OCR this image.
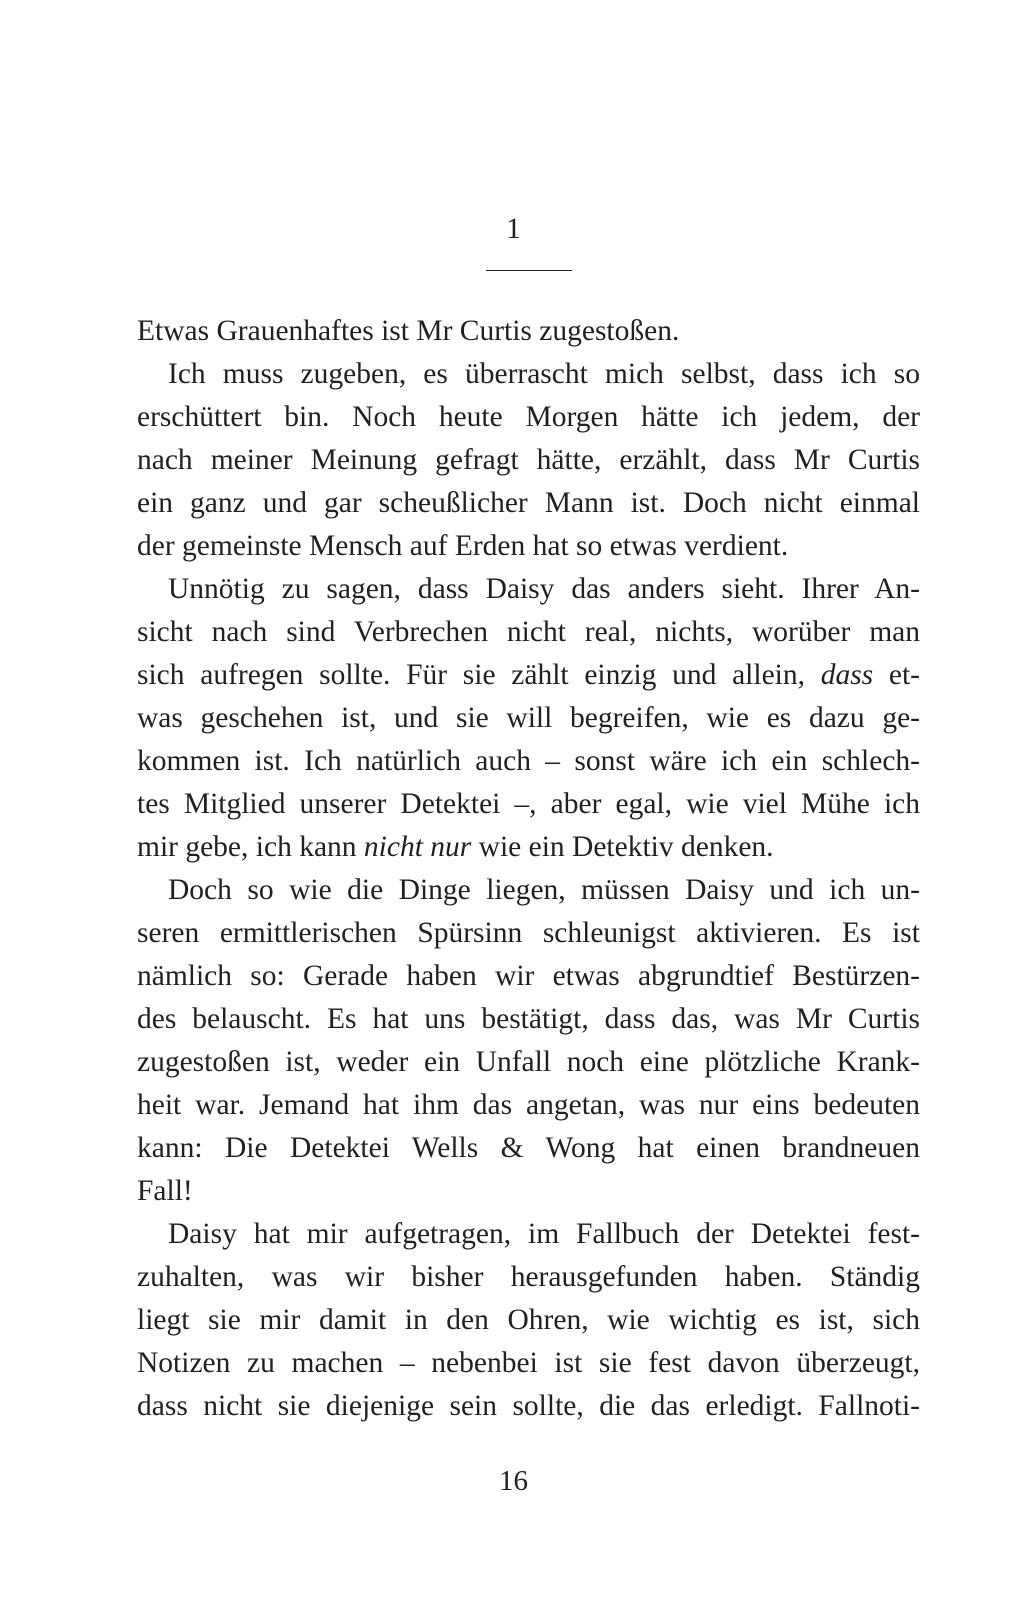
1
Etwas Grauenhaftes ist Mr Curtis zugestoßen.
Ich muss zugeben, es überrascht mich selbst, dass ich so
erschüttert bin. Noch heute Morgen hätte ich jedem, der
nach meiner Meinung gefragt hätte, erzählt, dass Mr Curtis
ein ganz und gar scheußlicher Mann ist. Doch nicht einmal
der gemeinste Mensch auf Erden hat so etwas verdient.
Unnötig zu sagen, dass Daisy das anders sieht. Ihrer An-
sicht nach sind Verbrechen nicht real, nichts, worüber man
sich aufregen sollte. Für sie zählt einzig und allein, dass et-
was geschehen ist, und sie will begreifen, wie es dazu ge-
kommen ist. Ich natürlich auch – sonst wäre ich ein schlech-
tes Mitglied unserer Detektei –, aber egal, wie viel Mühe ich
mir gebe, ich kann nicht nur wie ein Detektiv denken.
Doch so wie die Dinge liegen, müssen Daisy und ich un-
seren ermittlerischen Spürsinn schleunigst aktivieren. Es ist
nämlich so: Gerade haben wir etwas abgrundtief Bestürzen-
des belauscht. Es hat uns bestätigt, dass das, was Mr Curtis
zugestoßen ist, weder ein Unfall noch eine plötzliche Krank-
heit war. Jemand hat ihm das angetan, was nur eins bedeuten
kann: Die Detektei Wells & Wong hat einen brandneuen
Fall!
Daisy hat mir aufgetragen, im Fallbuch der Detektei fest-
zuhalten, was wir bisher herausgefunden haben. Ständig
liegt sie mir damit in den Ohren, wie wichtig es ist, sich
Notizen zu machen – nebenbei ist sie fest davon überzeugt,
dass nicht sie diejenige sein sollte, die das erledigt. Fallnoti-
16
